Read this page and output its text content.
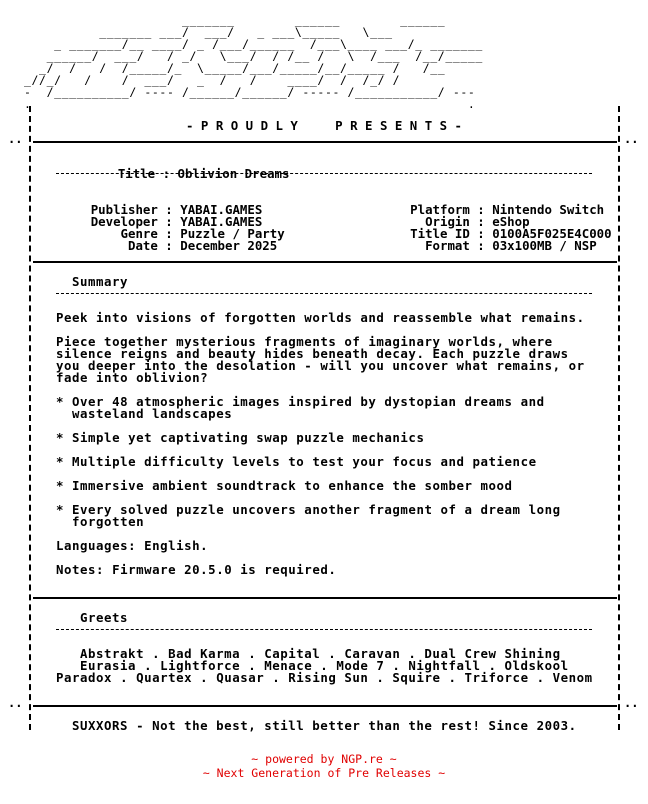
_______        ______        ______
_______ ___/  ___/   _ ___\_____   \___
_ _______/__ ____/ _ /___/______  /___\____ ___/_ _______
______/  ___/   / _/   \___/  / /__ /   \  /___  /__/_____
_/  /   /  /_____/_  \_____/___/_____/__/_____ /   /__
_//_/   /    /  ___/   _  /   /    ____/  /  /_/ /
-  /__________/ ---- /______/______/ ----- /___________/ ---
.                                                          .
- P R O U D L Y     P R E S E N T S -
..	..

Title : Oblivion Dreams

Publisher : YABAI.GAMES

Developer : YABAI.GAMES

Genre : Puzzle / Party

Date : December 2025

Platform : Nintendo Switch

Origin : eShop

Title ID : 0100A5F025E4C000

Format : 03x100MB / NSP

Summary
Peek into visions of forgotten worlds and reassemble what remains.
Piece together mysterious fragments of imaginary worlds, where
silence reigns and beauty hides beneath decay. Each puzzle draws
you deeper into the desolation - will you uncover what remains, or
fade into oblivion?
* Over 48 atmospheric images inspired by dystopian dreams and
wasteland landscapes
* Simple yet captivating swap puzzle mechanics
* Multiple difficulty levels to test your focus and patience
* Immersive ambient soundtrack to enhance the somber mood
* Every solved puzzle uncovers another fragment of a dream long
forgotten
Languages: English.
Notes: Firmware 20.5.0 is required.
Greets
Abstrakt . Bad Karma . Capital . Caravan . Dual Crew Shining
Eurasia . Lightforce . Menace . Mode 7 . Nightfall . Oldskool
Paradox . Quartex . Quasar . Rising Sun . Squire . Triforce . Venom
..	..
SUXXORS - Not the best, still better than the rest! Since 2003.
~ powered by NGP.re ~
~ Next Generation of Pre Releases ~
